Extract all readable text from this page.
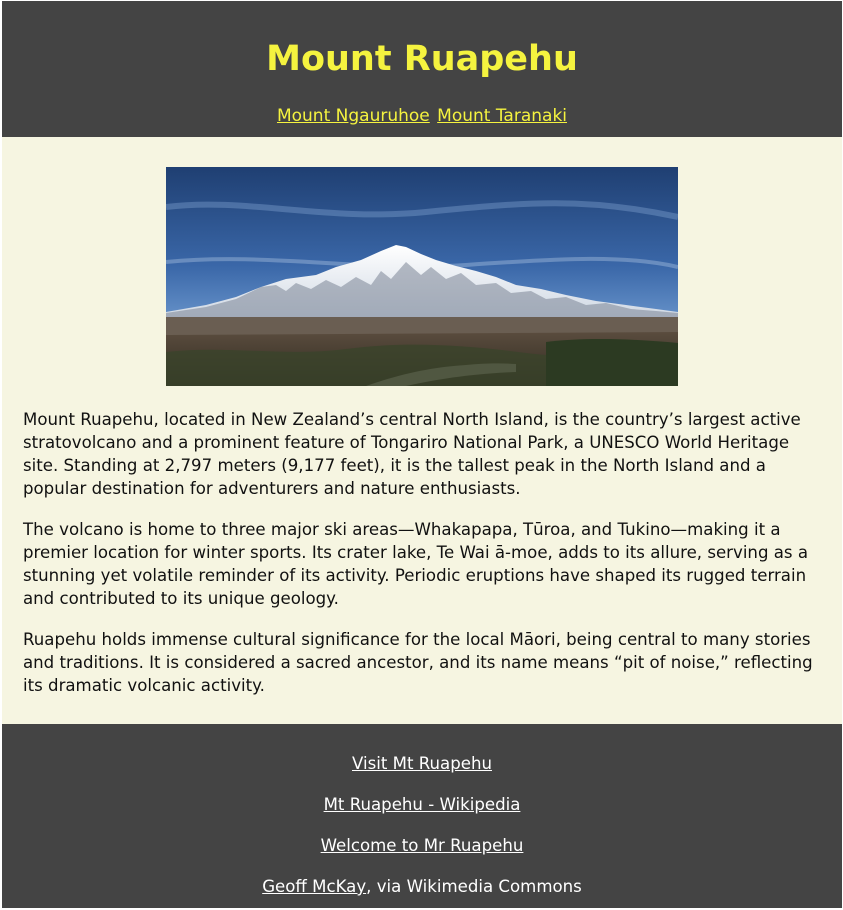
Mount Ruapehu
Mount Ngauruhoe Mount Taranaki

Mount Ruapehu, located in New Zealand’s central North Island, is the country’s largest active stratovolcano and a prominent feature of Tongariro National Park, a UNESCO World Heritage site. Standing at 2,797 meters (9,177 feet), it is the tallest peak in the North Island and a popular destination for adventurers and nature enthusiasts.

The volcano is home to three major ski areas—Whakapapa, Tūroa, and Tukino—making it a premier location for winter sports. Its crater lake, Te Wai ā-moe, adds to its allure, serving as a stunning yet volatile reminder of its activity. Periodic eruptions have shaped its rugged terrain and contributed to its unique geology.

Ruapehu holds immense cultural significance for the local Māori, being central to many stories and traditions. It is considered a sacred ancestor, and its name means “pit of noise,” reflecting its dramatic volcanic activity.

Visit Mt Ruapehu
Mt Ruapehu - Wikipedia
Welcome to Mr Ruapehu
Geoff McKay, via Wikimedia Commons
